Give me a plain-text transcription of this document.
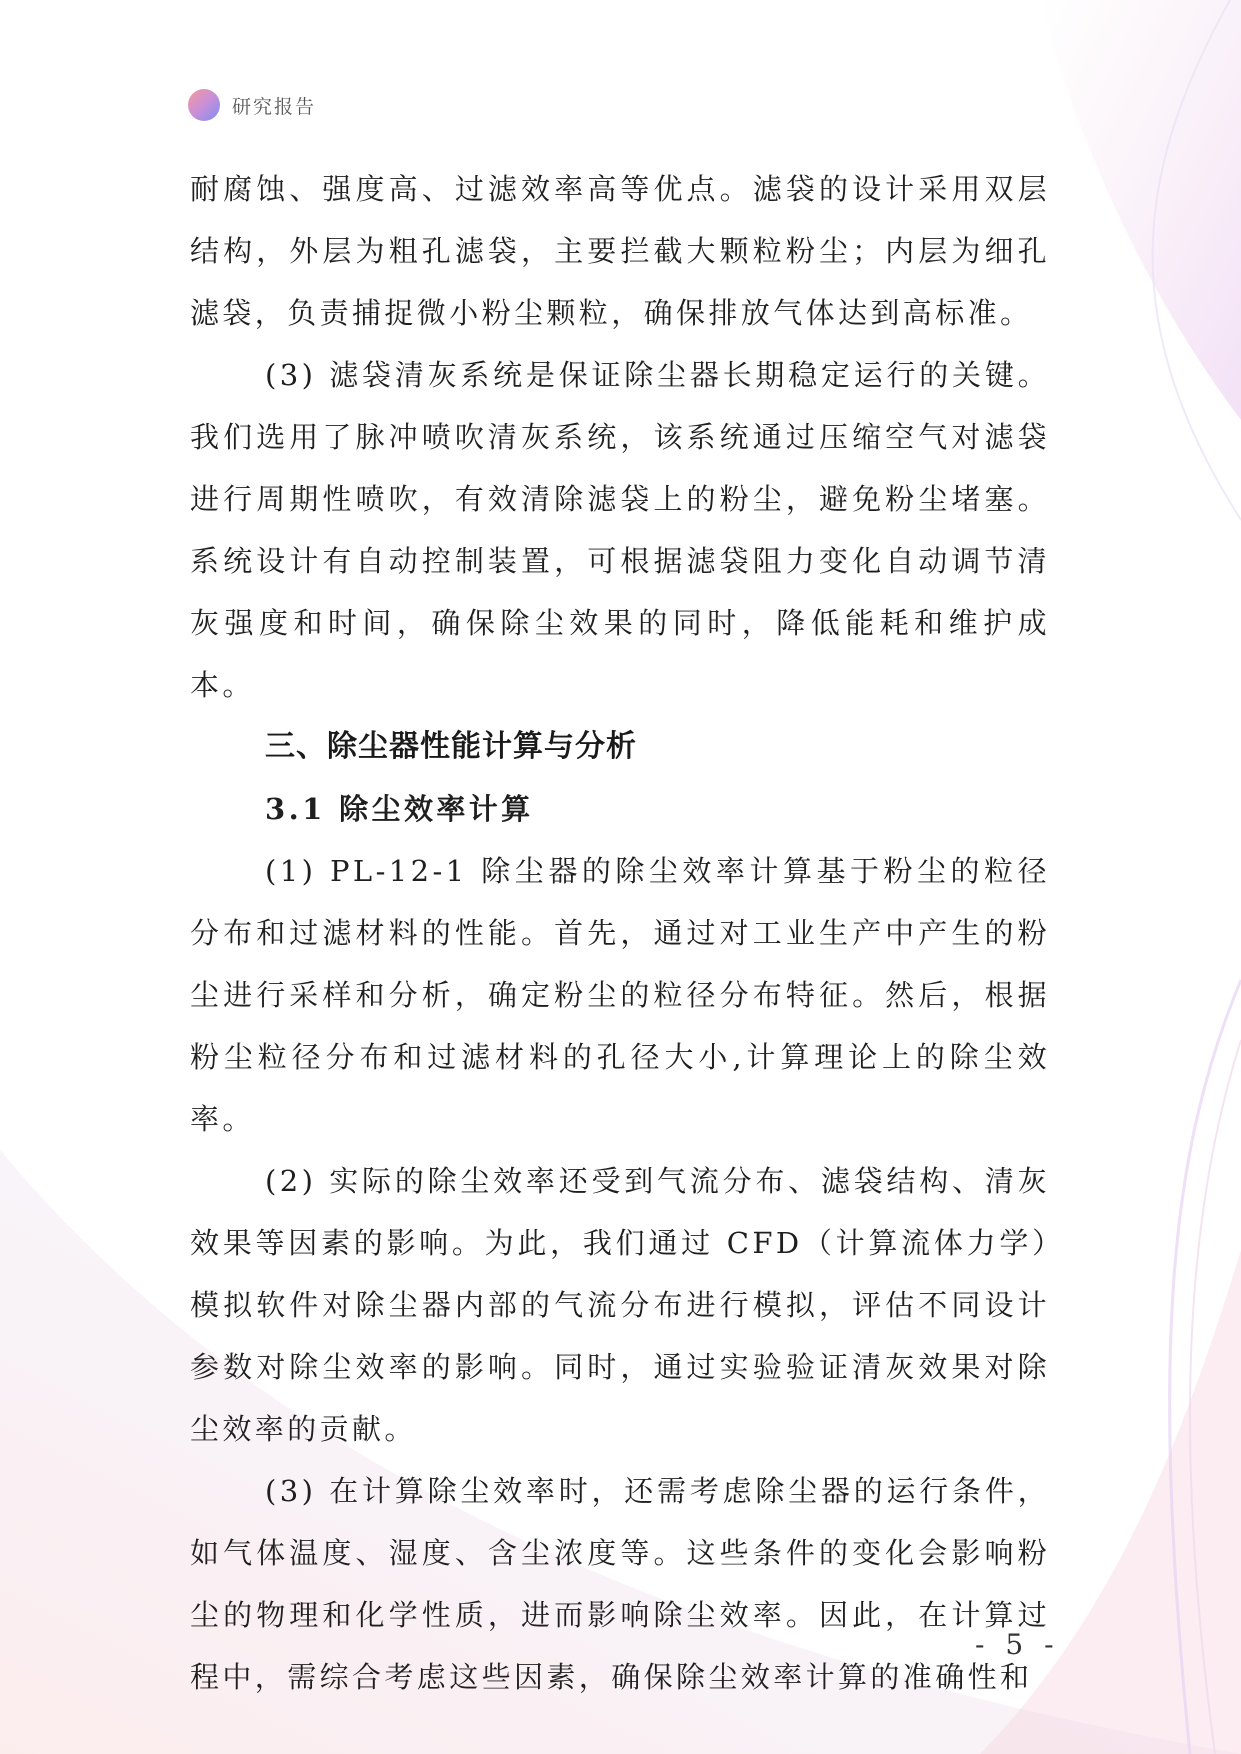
研究报告

耐腐蚀、强度高、过滤效率高等优点。滤袋的设计采用双层结构，外层为粗孔滤袋，主要拦截大颗粒粉尘；内层为细孔滤袋，负责捕捉微小粉尘颗粒，确保排放气体达到高标准。

(3) 滤袋清灰系统是保证除尘器长期稳定运行的关键。我们选用了脉冲喷吹清灰系统，该系统通过压缩空气对滤袋进行周期性喷吹，有效清除滤袋上的粉尘，避免粉尘堵塞。系统设计有自动控制装置，可根据滤袋阻力变化自动调节清灰强度和时间，确保除尘效果的同时，降低能耗和维护成本。

三、除尘器性能计算与分析
3.1 除尘效率计算

(1) PL-12-1 除尘器的除尘效率计算基于粉尘的粒径分布和过滤材料的性能。首先，通过对工业生产中产生的粉尘进行采样和分析，确定粉尘的粒径分布特征。然后，根据粉尘粒径分布和过滤材料的孔径大小,计算理论上的除尘效率。

(2) 实际的除尘效率还受到气流分布、滤袋结构、清灰效果等因素的影响。为此，我们通过 CFD（计算流体力学）模拟软件对除尘器内部的气流分布进行模拟，评估不同设计参数对除尘效率的影响。同时，通过实验验证清灰效果对除尘效率的贡献。

(3) 在计算除尘效率时，还需考虑除尘器的运行条件，如气体温度、湿度、含尘浓度等。这些条件的变化会影响粉尘的物理和化学性质，进而影响除尘效率。因此，在计算过程中，需综合考虑这些因素，确保除尘效率计算的准确性和

- 5 -
